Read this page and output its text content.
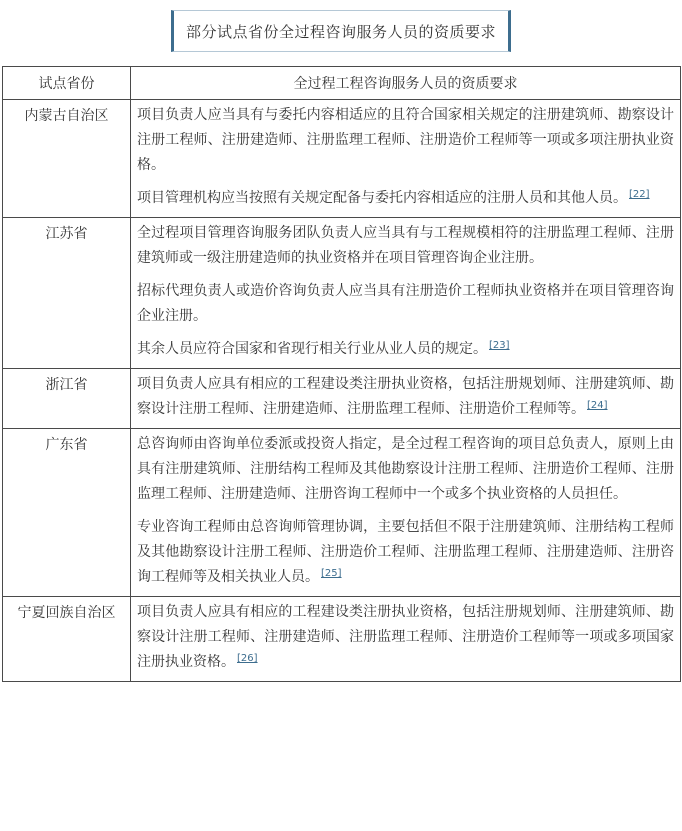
部分试点省份全过程咨询服务人员的资质要求
试点省份	全过程工程咨询服务人员的资质要求
内蒙古自治区	项目负责人应当具有与委托内容相适应的且符合国家相关规定的注册建筑师、勘察设计注册工程师、注册建造师、注册监理工程师、注册造价工程师等一项或多项注册执业资格。

项目管理机构应当按照有关规定配备与委托内容相适应的注册人员和其他人员。 [22]

江苏省	全过程项目管理咨询服务团队负责人应当具有与工程规模相符的注册监理工程师、注册建筑师或一级注册建造师的执业资格并在项目管理咨询企业注册。

招标代理负责人或造价咨询负责人应当具有注册造价工程师执业资格并在项目管理咨询企业注册。

其余人员应符合国家和省现行相关行业从业人员的规定。 [23]

浙江省	项目负责人应具有相应的工程建设类注册执业资格，包括注册规划师、注册建筑师、勘察设计注册工程师、注册建造师、注册监理工程师、注册造价工程师等。 [24]

广东省	总咨询师由咨询单位委派或投资人指定，是全过程工程咨询的项目总负责人，原则上由具有注册建筑师、注册结构工程师及其他勘察设计注册工程师、注册造价工程师、注册监理工程师、注册建造师、注册咨询工程师中一个或多个执业资格的人员担任。

专业咨询工程师由总咨询师管理协调，主要包括但不限于注册建筑师、注册结构工程师及其他勘察设计注册工程师、注册造价工程师、注册监理工程师、注册建造师、注册咨询工程师等及相关执业人员。 [25]

宁夏回族自治区	项目负责人应具有相应的工程建设类注册执业资格，包括注册规划师、注册建筑师、勘察设计注册工程师、注册建造师、注册监理工程师、注册造价工程师等一项或多项国家注册执业资格。 [26]
